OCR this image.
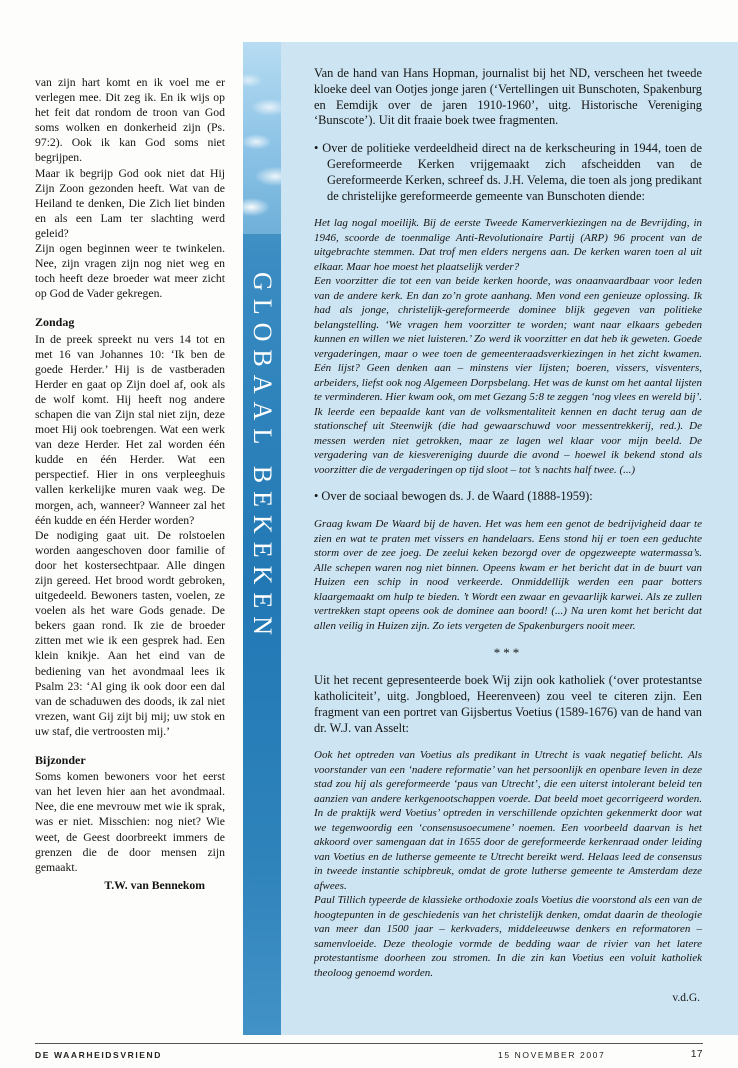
van zijn hart komt en ik voel me er verlegen mee. Dit zeg ik. En ik wijs op het feit dat rondom de troon van God soms wolken en donkerheid zijn (Ps. 97:2). Ook ik kan God soms niet begrijpen.

Maar ik begrijp God ook niet dat Hij Zijn Zoon gezonden heeft. Wat van de Heiland te denken, Die Zich liet binden en als een Lam ter slachting werd geleid?

Zijn ogen beginnen weer te twinkelen. Nee, zijn vragen zijn nog niet weg en toch heeft deze broeder wat meer zicht op God de Vader gekregen.

Zondag

In de preek spreekt nu vers 14 tot en met 16 van Johannes 10: ‘Ik ben de goede Herder.’ Hij is de vastberaden Herder en gaat op Zijn doel af, ook als de wolf komt. Hij heeft nog andere schapen die van Zijn stal niet zijn, deze moet Hij ook toebrengen. Wat een werk van deze Herder. Het zal worden één kudde en één Herder. Wat een perspectief. Hier in ons verpleeghuis vallen kerkelijke muren vaak weg. De morgen, ach, wanneer? Wanneer zal het één kudde en één Herder worden?

De nodiging gaat uit. De rolstoelen worden aangeschoven door familie of door het kostersechtpaar. Alle dingen zijn gereed. Het brood wordt gebroken, uitgedeeld. Bewoners tasten, voelen, ze voelen als het ware Gods genade. De bekers gaan rond. Ik zie de broeder zitten met wie ik een gesprek had. Een klein knikje. Aan het eind van de bediening van het avondmaal lees ik Psalm 23: ‘Al ging ik ook door een dal van de schaduwen des doods, ik zal niet vrezen, want Gij zijt bij mij; uw stok en uw staf, die vertroosten mij.’

Bijzonder

Soms komen bewoners voor het eerst van het leven hier aan het avondmaal. Nee, die ene mevrouw met wie ik sprak, was er niet. Misschien: nog niet? Wie weet, de Geest doorbreekt immers de grenzen die de door mensen zijn gemaakt.

T.W. van Bennekom

GLOBAAL BEKEKEN

Van de hand van Hans Hopman, journalist bij het ND, verscheen het tweede kloeke deel van Ootjes jonge jaren (‘Vertellingen uit Bunschoten, Spakenburg en Eemdijk over de jaren 1910-1960’, uitg. Historische Vereniging ‘Bunscote’). Uit dit fraaie boek twee fragmenten.

• Over de politieke verdeeldheid direct na de kerkscheuring in 1944, toen de Gereformeerde Kerken vrijgemaakt zich afscheidden van de Gereformeerde Kerken, schreef ds. J.H. Velema, die toen als jong predikant de christelijke gereformeerde gemeente van Bunschoten diende:

Het lag nogal moeilijk. Bij de eerste Tweede Kamerverkiezingen na de Bevrijding, in 1946, scoorde de toenmalige Anti-Revolutionaire Partij (ARP) 96 procent van de uitgebrachte stemmen. Dat trof men elders nergens aan. De kerken waren toen al uit elkaar. Maar hoe moest het plaatselijk verder?

Een voorzitter die tot een van beide kerken hoorde, was onaanvaardbaar voor leden van de andere kerk. En dan zo’n grote aanhang. Men vond een genieuze oplossing. Ik had als jonge, christelijk-gereformeerde dominee blijk gegeven van politieke belangstelling. ‘We vragen hem voorzitter te worden; want naar elkaars gebeden kunnen en willen we niet luisteren.’ Zo werd ik voorzitter en dat heb ik geweten. Goede vergaderingen, maar o wee toen de gemeenteraadsverkiezingen in het zicht kwamen. Eén lijst? Geen denken aan – minstens vier lijsten; boeren, vissers, visventers, arbeiders, liefst ook nog Algemeen Dorpsbelang. Het was de kunst om het aantal lijsten te verminderen. Hier kwam ook, om met Gezang 5:8 te zeggen ‘nog vlees en wereld bij’. Ik leerde een bepaalde kant van de volksmentaliteit kennen en dacht terug aan de stationschef uit Steenwijk (die had gewaarschuwd voor messentrekkerij, red.). De messen werden niet getrokken, maar ze lagen wel klaar voor mijn beeld. De vergadering van de kiesvereniging duurde die avond – hoewel ik bekend stond als voorzitter die de vergaderingen op tijd sloot – tot ’s nachts half twee. (...)

• Over de sociaal bewogen ds. J. de Waard (1888-1959):

Graag kwam De Waard bij de haven. Het was hem een genot de bedrijvigheid daar te zien en wat te praten met vissers en handelaars. Eens stond hij er toen een geduchte storm over de zee joeg. De zeelui keken bezorgd over de opgezweepte watermassa’s. Alle schepen waren nog niet binnen. Opeens kwam er het bericht dat in de buurt van Huizen een schip in nood verkeerde. Onmiddellijk werden een paar botters klaargemaakt om hulp te bieden. ’t Wordt een zwaar en gevaarlijk karwei. Als ze zullen vertrekken stapt opeens ook de dominee aan boord! (...) Na uren komt het bericht dat allen veilig in Huizen zijn. Zo iets vergeten de Spakenburgers nooit meer.

***

Uit het recent gepresenteerde boek Wij zijn ook katholiek (‘over protestantse katholiciteit’, uitg. Jongbloed, Heerenveen) zou veel te citeren zijn. Een fragment van een portret van Gijsbertus Voetius (1589-1676) van de hand van dr. W.J. van Asselt:

Ook het optreden van Voetius als predikant in Utrecht is vaak negatief belicht. Als voorstander van een ‘nadere reformatie’ van het persoonlijk en openbare leven in deze stad zou hij als gereformeerde ‘paus van Utrecht’, die een uiterst intolerant beleid ten aanzien van andere kerkgenootschappen voerde. Dat beeld moet gecorrigeerd worden. In de praktijk werd Voetius’ optreden in verschillende opzichten gekenmerkt door wat we tegenwoordig een ‘consensusoecumene’ noemen. Een voorbeeld daarvan is het akkoord over samengaan dat in 1655 door de gereformeerde kerkenraad onder leiding van Voetius en de lutherse gemeente te Utrecht bereikt werd. Helaas leed de consensus in tweede instantie schipbreuk, omdat de grote lutherse gemeente te Amsterdam deze afwees.

Paul Tillich typeerde de klassieke orthodoxie zoals Voetius die voorstond als een van de hoogtepunten in de geschiedenis van het christelijk denken, omdat daarin de theologie van meer dan 1500 jaar – kerkvaders, middeleeuwse denkers en reformatoren – samenvloeide. Deze theologie vormde de bedding waar de rivier van het latere protestantisme doorheen zou stromen. In die zin kan Voetius een voluit katholiek theoloog genoemd worden.

v.d.G.

DE WAARHEIDSVRIEND	15 NOVEMBER 2007	17
